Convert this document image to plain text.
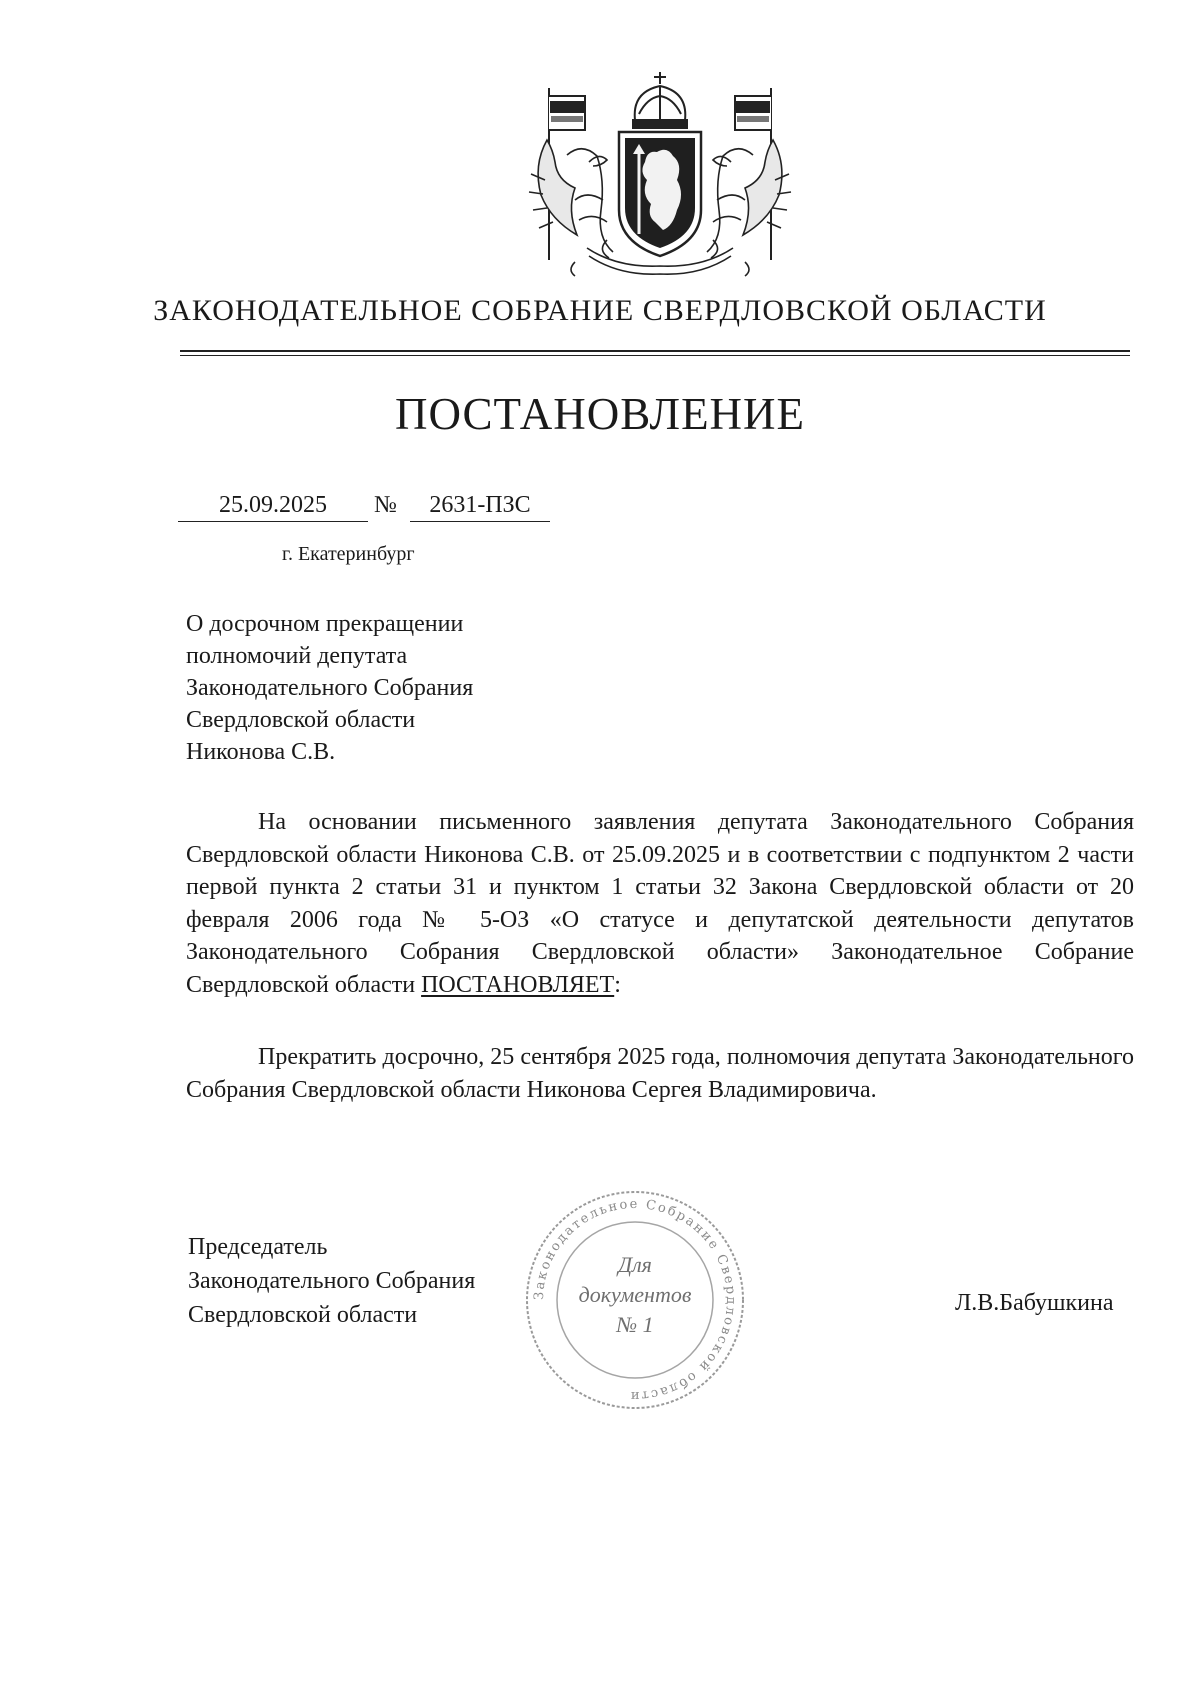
ЗАКОНОДАТЕЛЬНОЕ СОБРАНИЕ СВЕРДЛОВСКОЙ ОБЛАСТИ
ПОСТАНОВЛЕНИЕ
25.09.2025	№	2631-ПЗС
г. Екатеринбург
О досрочном прекращении
полномочий депутата
Законодательного Собрания
Свердловской области
Никонова С.В.
На основании письменного заявления депутата Законодательного Собрания Свердловской области Никонова С.В. от 25.09.2025 и в соответствии с подпунктом 2 части первой пункта 2 статьи 31 и пунктом 1 статьи 32 Закона Свердловской области от 20 февраля 2006 года № 5-ОЗ «О статусе и депутатской деятельности депутатов Законодательного Собрания Свердловской области» Законодательное Собрание Свердловской области ПОСТАНОВЛЯЕТ:
Прекратить досрочно, 25 сентября 2025 года, полномочия депутата Законодательного Собрания Свердловской области Никонова Сергея Владимировича.
Председатель
Законодательного Собрания
Свердловской области
Законодательное Собрание Свердловской области
Для
документов
№ 1
Л.В.Бабушкина
